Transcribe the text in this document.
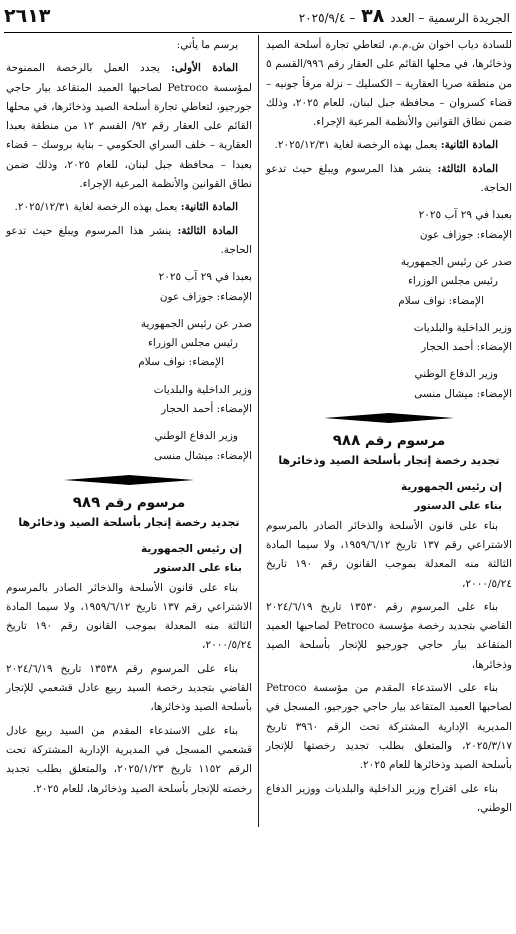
الجريدة الرسمية – العدد ٣٨ – ٢٠٢٥/٩/٤
٢٦١٣

للسادة دياب اخوان ش.م.م، لتعاطي تجارة أسلحة الصيد وذخائرها، في محلها القائم على العقار رقم ٩٩٦/القسم ٥ من منطقة صريا العقارية – الكسليك – نزلة مرفأ جونيه – قضاء كسروان – محافظة جبل لبنان، للعام ٢٠٢٥، وذلك ضمن نطاق القوانين والأنظمة المرعية الإجراء.

المادة الثانية: يعمل بهذه الرخصة لغاية ٢٠٢٥/١٢/٣١.

المادة الثالثة: ينشر هذا المرسوم ويبلغ حيث تدعو الحاجة.

بعبدا في ٢٩ آب ٢٠٢٥

الإمضاء: جوزاف عون

صدر عن رئيس الجمهورية

رئيس مجلس الوزراء

الإمضاء: نواف سلام

وزير الداخلية والبلديات

الإمضاء: أحمد الحجار

وزير الدفاع الوطني

الإمضاء: ميشال منسى

مرسوم رقم ٩٨٨

تجديد رخصة إتجار بأسلحة الصيد وذخائرها

إن رئيس الجمهورية

بناء على الدستور

بناء على قانون الأسلحة والذخائر الصادر بالمرسوم الاشتراعي رقم ١٣٧ تاريخ ١٩٥٩/٦/١٢، ولا سيما المادة الثالثة منه المعدلة بموجب القانون رقم ١٩٠ تاريخ ٢٠٠٠/٥/٢٤،

بناء على المرسوم رقم ١٣٥٣٠ تاريخ ٢٠٢٤/٦/١٩ القاضي بتجديد رخصة مؤسسة Petroco لصاحبها العميد المتقاعد بيار حاجي جورجيو للإتجار بأسلحة الصيد وذخائرها،

بناء على الاستدعاء المقدم من مؤسسة Petroco لصاحبها العميد المتقاعد بيار حاجي جورجيو، المسجل في المديرية الإدارية المشتركة تحت الرقم ٣٩٦٠ تاريخ ٢٠٢٥/٣/١٧، والمتعلق بطلب تجديد رخصتها للإتجار بأسلحة الصيد وذخائرها للعام ٢٠٢٥.

بناء على اقتراح وزير الداخلية والبلديات ووزير الدفاع الوطني،

يرسم ما يأتي:

المادة الأولى: يجدد العمل بالرخصة الممنوحة لمؤسسة Petroco لصاحبها العميد المتقاعد بيار حاجي جورجيو، لتعاطي تجارة أسلحة الصيد وذخائرها، في محلها القائم على العقار رقم ٩٢/ القسم ١٢ من منطقة بعبدا العقارية – خلف السراي الحكومي – بناية بروسك – قضاء بعبدا – محافظة جبل لبنان، للعام ٢٠٢٥، وذلك ضمن نطاق القوانين والأنظمة المرعية الإجراء.

المادة الثانية: يعمل بهذه الرخصة لغاية ٢٠٢٥/١٢/٣١.

المادة الثالثة: ينشر هذا المرسوم ويبلغ حيث تدعو الحاجة.

بعبدا في ٢٩ آب ٢٠٢٥

الإمضاء: جوزاف عون

صدر عن رئيس الجمهورية

رئيس مجلس الوزراء

الإمضاء: نواف سلام

وزير الداخلية والبلديات

الإمضاء: أحمد الحجار

وزير الدفاع الوطني

الإمضاء: ميشال منسى

مرسوم رقم ٩٨٩

تجديد رخصة إتجار بأسلحة الصيد وذخائرها

إن رئيس الجمهورية

بناء على الدستور

بناء على قانون الأسلحة والذخائر الصادر بالمرسوم الاشتراعي رقم ١٣٧ تاريخ ١٩٥٩/٦/١٢، ولا سيما المادة الثالثة منه المعدلة بموجب القانون رقم ١٩٠ تاريخ ٢٠٠٠/٥/٢٤،

بناء على المرسوم رقم ١٣٥٣٨ تاريخ ٢٠٢٤/٦/١٩ القاضي بتجديد رخصة السيد ربيع عادل قشعمي للإتجار بأسلحة الصيد وذخائرها،

بناء على الاستدعاء المقدم من السيد ربيع عادل قشعمي المسجل في المديرية الإدارية المشتركة تحت الرقم ١١٥٢ تاريخ ٢٠٢٥/١/٢٣، والمتعلق بطلب تجديد رخصته للإتجار بأسلحة الصيد وذخائرها، للعام ٢٠٢٥.
